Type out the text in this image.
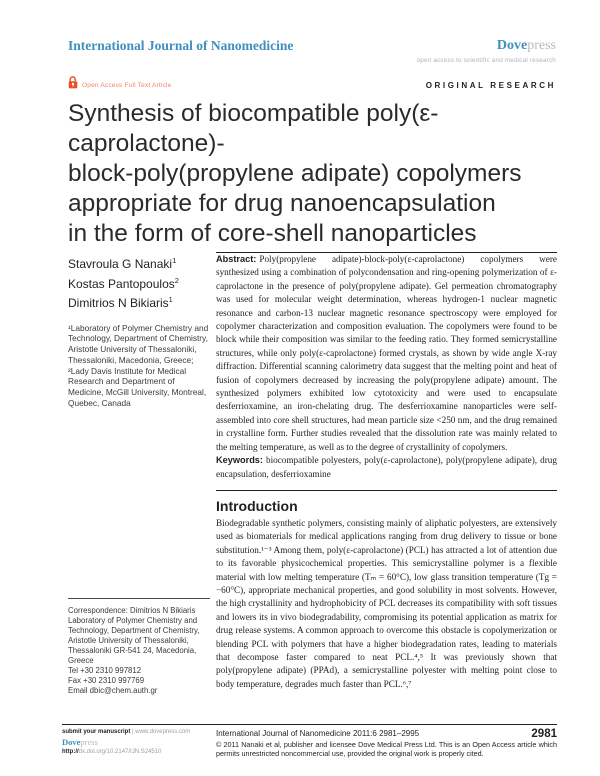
International Journal of Nanomedicine	Dovepress
open access to scientific and medical research
Open Access Full Text Article	ORIGINAL RESEARCH
Synthesis of biocompatible poly(ε-caprolactone)-
block-poly(propylene adipate) copolymers
appropriate for drug nanoencapsulation
in the form of core-shell nanoparticles
Stavroula G Nanaki$^1$
Kostas Pantopoulos$^2$
Dimitrios N Bikiaris$^1$
¹Laboratory of Polymer Chemistry and Technology, Department of Chemistry, Aristotle University of Thessaloniki, Thessaloniki, Macedonia, Greece; ²Lady Davis Institute for Medical Research and Department of Medicine, McGill University, Montreal, Quebec, Canada
Correspondence: Dimitrios N Bikiaris
Laboratory of Polymer Chemistry and Technology, Department of Chemistry, Aristotle University of Thessaloniki, Thessaloniki GR-541 24, Macedonia, Greece
Tel +30 2310 997812
Fax +30 2310 997769
Email dbic@chem.auth.gr

Abstract: Poly(propylene adipate)-block-poly(ε-caprolactone) copolymers were synthesized using a combination of polycondensation and ring-opening polymerization of ε-caprolactone in the presence of poly(propylene adipate). Gel permeation chromatography was used for molecular weight determination, whereas hydrogen-1 nuclear magnetic resonance and carbon-13 nuclear magnetic resonance spectroscopy were employed for copolymer characterization and composition evaluation. The copolymers were found to be block while their composition was similar to the feeding ratio. They formed semicrystalline structures, while only poly(ε-caprolactone) formed crystals, as shown by wide angle X-ray diffraction. Differential scanning calorimetry data suggest that the melting point and heat of fusion of copolymers decreased by increasing the poly(propylene adipate) amount. The synthesized polymers exhibited low cytotoxicity and were used to encapsulate desferrioxamine, an iron-chelating drug. The desferrioxamine nanoparticles were self-assembled into core shell structures, had mean particle size <250 nm, and the drug remained in crystalline form. Further studies revealed that the dissolution rate was mainly related to the melting temperature, as well as to the degree of crystallinity of copolymers.

Keywords: biocompatible polyesters, poly(ε-caprolactone), poly(propylene adipate), drug encapsulation, desferrioxamine

Introduction

Biodegradable synthetic polymers, consisting mainly of aliphatic polyesters, are extensively used as biomaterials for medical applications ranging from drug delivery to tissue or bone substitution.¹⁻³ Among them, poly(ε-caprolactone) (PCL) has attracted a lot of attention due to its favorable physicochemical properties. This semicrystalline polymer is a flexible material with low melting temperature (Tₘ = 60°C), low glass transition temperature (Tg = −60°C), appropriate mechanical properties, and good solubility in most solvents. However, the high crystallinity and hydrophobicity of PCL decreases its compatibility with soft tissues and lowers its in vivo biodegradability, compromising its potential application as matrix for drug release systems. A common approach to overcome this obstacle is copolymerization or blending PCL with polymers that have a higher biodegradation rates, leading to materials that decompose faster compared to neat PCL.⁴,⁵ It was previously shown that poly(propylene adipate) (PPAd), a semicrystalline polyester with melting point close to body temperature, degrades much faster than PCL.⁶,⁷

submit your manuscript | www.dovepress.com
Dovepress
http://dx.doi.org/10.2147/IJN.S24510
International Journal of Nanomedicine 2011:6 2981–2995	2981
© 2011 Nanaki et al, publisher and licensee Dove Medical Press Ltd. This is an Open Access article which permits unrestricted noncommercial use, provided the original work is properly cited.
